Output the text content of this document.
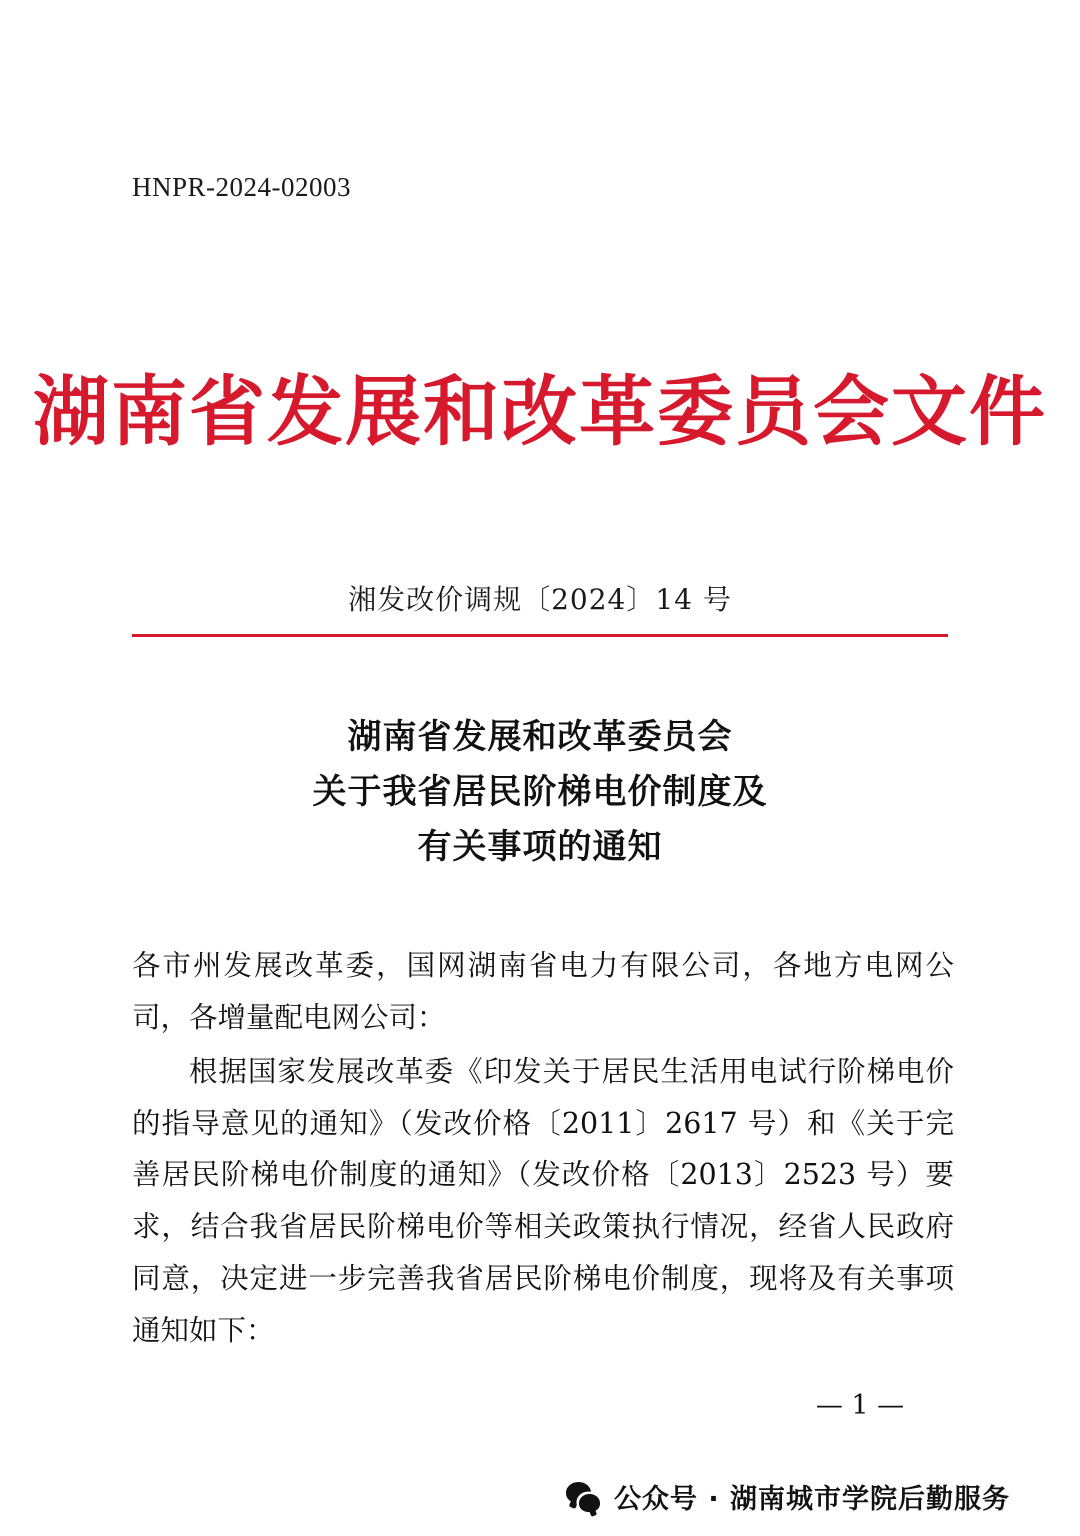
HNPR-2024-02003
湖南省发展和改革委员会文件
湘发改价调规〔2024〕14 号
湖南省发展和改革委员会
关于我省居民阶梯电价制度及
有关事项的通知

各市州发展改革委，国网湖南省电力有限公司，各地方电网公司，各增量配电网公司：

根据国家发展改革委《印发关于居民生活用电试行阶梯电价的指导意见的通知》（发改价格〔2011〕2617 号）和《关于完善居民阶梯电价制度的通知》（发改价格〔2013〕2523 号）要求，结合我省居民阶梯电价等相关政策执行情况，经省人民政府同意，决定进一步完善我省居民阶梯电价制度，现将及有关事项通知如下：

— 1 —
公众号 · 湖南城市学院后勤服务
